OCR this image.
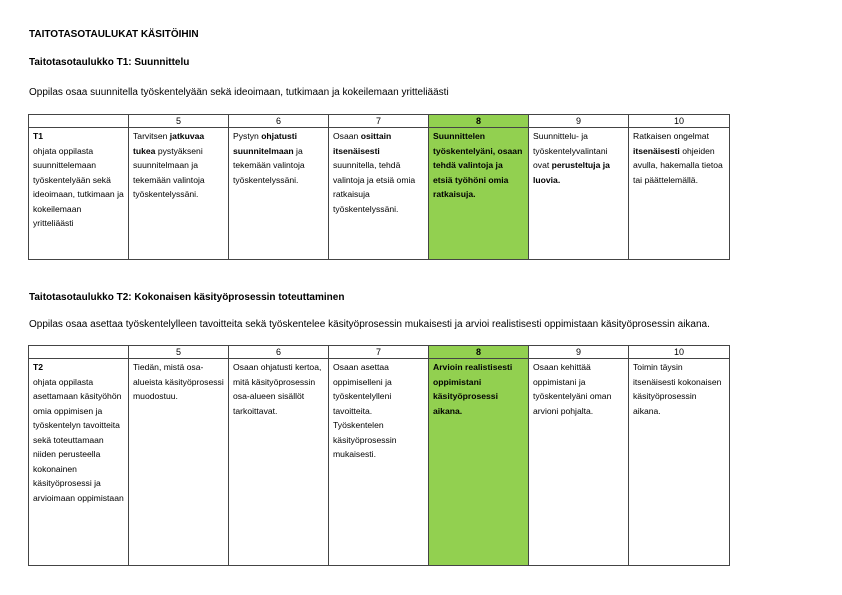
TAITOTASOTAULUKAT KÄSITÖIHIN
Taitotasotaulukko T1: Suunnittelu
Oppilas osaa suunnitella työskentelyään sekä ideoimaan, tutkimaan ja kokeilemaan yritteliäästi
	5	6	7	8	9	10
T1
ohjata oppilasta suunnittelemaan työskentelyään sekä ideoimaan, tutkimaan ja kokeilemaan yritteliäästi	Tarvitsen jatkuvaa tukea pystyäkseni suunnitelmaan ja tekemään valintoja työskentelyssäni.	Pystyn ohjatusti suunnitelmaan ja tekemään valintoja työskentelyssäni.	Osaan osittain itsenäisesti suunnitella, tehdä valintoja ja etsiä omia ratkaisuja työskentelyssäni.	Suunnittelen työskentelyäni, osaan tehdä valintoja ja etsiä työhöni omia ratkaisuja.	Suunnittelu- ja työskentelyvalintani ovat perusteltuja ja luovia.	Ratkaisen ongelmat itsenäisesti ohjeiden avulla, hakemalla tietoa tai päättelemällä.
Taitotasotaulukko T2: Kokonaisen käsityöprosessin toteuttaminen
Oppilas osaa asettaa työskentelylleen tavoitteita sekä työskentelee käsityöprosessin mukaisesti ja arvioi realistisesti oppimistaan käsityöprosessin aikana.
	5	6	7	8	9	10
T2
ohjata oppilasta asettamaan käsityöhön omia oppimisen ja työskentelyn tavoitteita sekä toteuttamaan niiden perusteella kokonainen käsityöprosessi ja arvioimaan oppimistaan	Tiedän, mistä osa-alueista käsityöprosessi muodostuu.	Osaan ohjatusti kertoa, mitä käsityöprosessin osa-alueen sisällöt tarkoittavat.	Osaan asettaa oppimiselleni ja työskentelylleni tavoitteita. Työskentelen käsityöprosessin mukaisesti.	Arvioin realistisesti oppimistani käsityöprosessi aikana.	Osaan kehittää oppimistani ja työskentelyäni oman arvioni pohjalta.	Toimin täysin itsenäisesti kokonaisen käsityöprosessin aikana.
